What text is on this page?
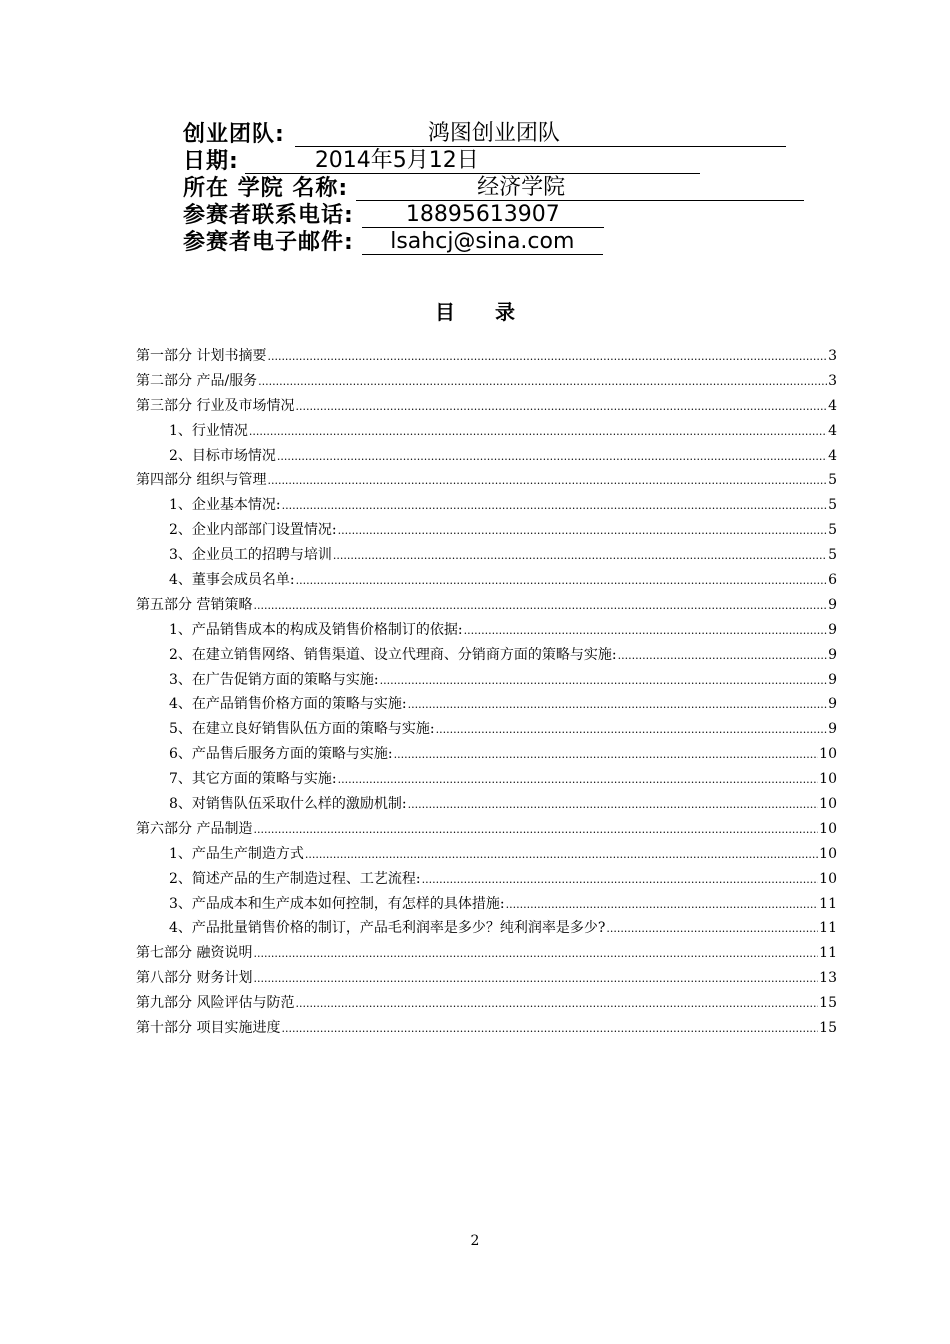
创业团队:	鸿图创业团队
日期:	2014年5月12日
所在 学院 名称:	经济学院
参赛者联系电话:	18895613907
参赛者电子邮件:	lsahcj@sina.com
目录
第一部分 计划书摘要 .....	3
第二部分 产品/服务 .....	3
第三部分 行业及市场情况 .....	4
1、行业情况 .....	4
2、目标市场情况 .....	4
第四部分 组织与管理 .....	5
1、企业基本情况: .....	5
2、企业内部部门设置情况: .....	5
3、企业员工的招聘与培训 .....	5
4、董事会成员名单: .....	6
第五部分 营销策略 .....	9
1、产品销售成本的构成及销售价格制订的依据: .....	9
2、在建立销售网络、销售渠道、设立代理商、分销商方面的策略与实施: .....	9
3、在广告促销方面的策略与实施: .....	9
4、在产品销售价格方面的策略与实施: .....	9
5、在建立良好销售队伍方面的策略与实施: .....	9
6、产品售后服务方面的策略与实施: .....	10
7、其它方面的策略与实施: .....	10
8、对销售队伍采取什么样的激励机制: .....	10
第六部分 产品制造 .....	10
1、产品生产制造方式 .....	10
2、简述产品的生产制造过程、工艺流程: .....	10
3、产品成本和生产成本如何控制，有怎样的具体措施: .....	11
4、产品批量销售价格的制订，产品毛利润率是多少？纯利润率是多少? .....	11
第七部分 融资说明 .....	11
第八部分 财务计划 .....	13
第九部分 风险评估与防范 .....	15
第十部分 项目实施进度 .....	15
2
